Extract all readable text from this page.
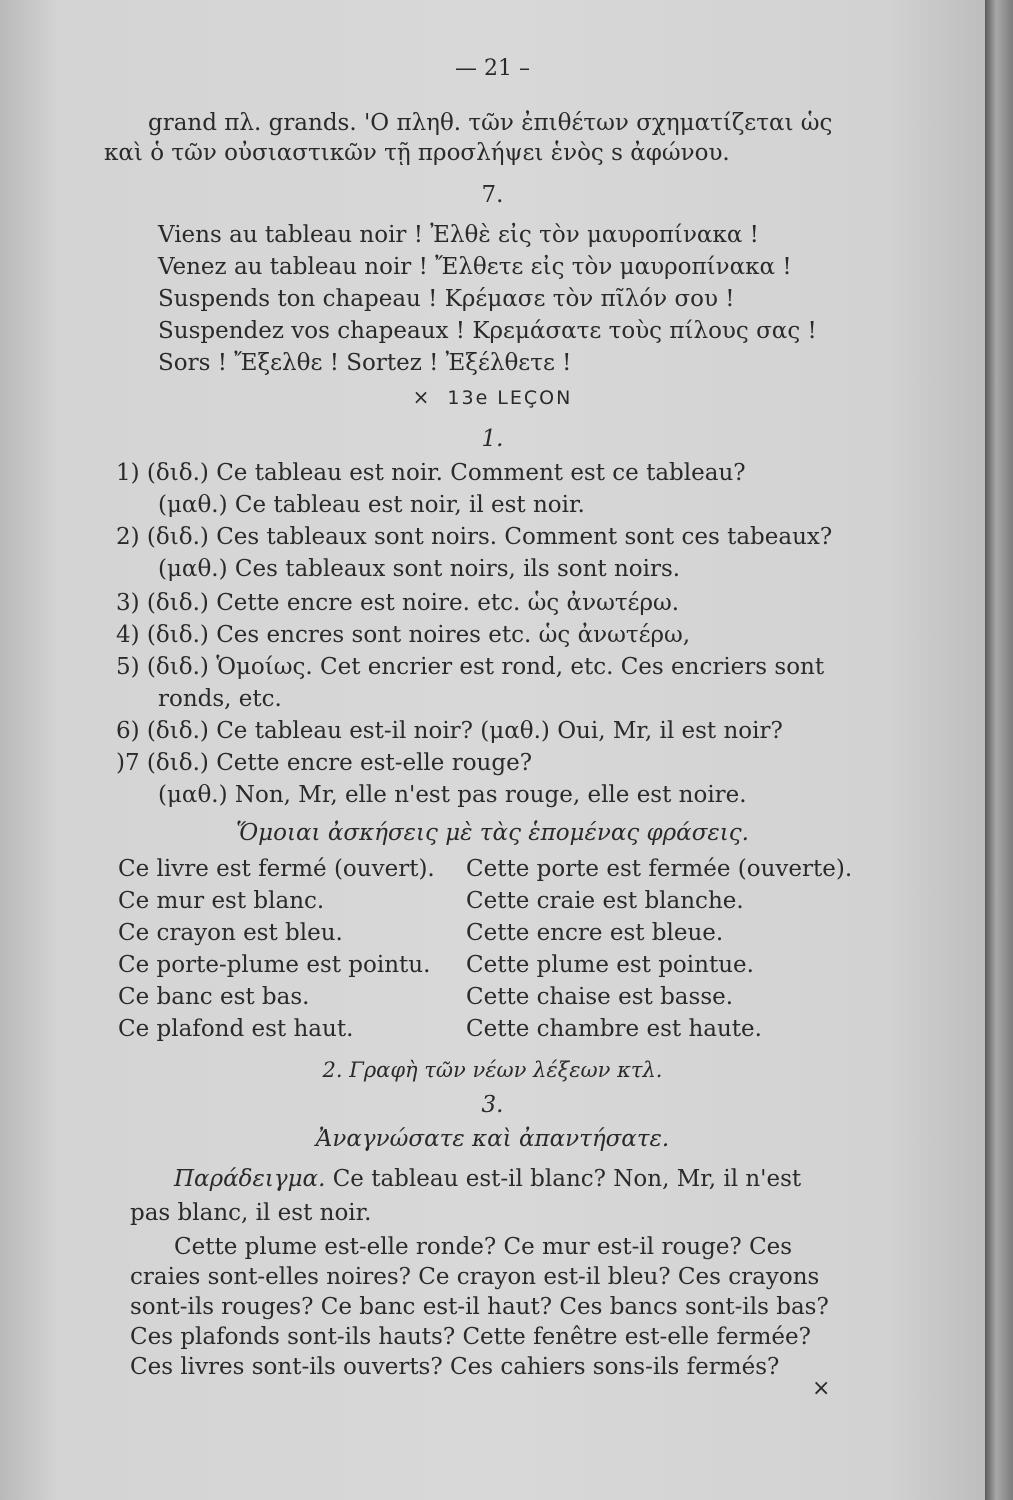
— 21 –
grand πλ. grands. 'O πληθ. τῶν ἐπιθέτων σχηματίζεται ὡς
καὶ ὁ τῶν οὐσιαστικῶν τῇ προσλήψει ἑνὸς s ἀφώνου.
7.
Viens au tableau noir ! Ἐλθὲ εἰς τὸν μαυροπίνακα !
Venez au tableau noir ! Ἔλθετε εἰς τὸν μαυροπίνακα !
Suspends ton chapeau ! Κρέμασε τὸν πῖλόν σου !
Suspendez vos chapeaux ! Κρεμάσατε τοὺς πίλους σας !
Sors ! Ἔξελθε ! Sortez ! Ἐξέλθετε !
× 13e LEÇON
1.
1) (διδ.) Ce tableau est noir. Comment est ce tableau?
(μαθ.) Ce tableau est noir, il est noir.
2) (διδ.) Ces tableaux sont noirs. Comment sont ces tabeaux?
(μαθ.) Ces tableaux sont noirs, ils sont noirs.
3) (διδ.) Cette encre est noire. etc. ὡς ἀνωτέρω.
4) (διδ.) Ces encres sont noires etc. ὡς ἀνωτέρω,
5) (διδ.) Ὁμοίως. Cet encrier est rond, etc. Ces encriers sont
ronds, etc.
6) (διδ.) Ce tableau est-il noir? (μαθ.) Oui, Mr, il est noir?
)7 (διδ.) Cette encre est-elle rouge?
(μαθ.) Non, Mr, elle n'est pas rouge, elle est noire.
Ὅμοιαι ἀσκήσεις μὲ τὰς ἑπομένας φράσεις.
Ce livre est fermé (ouvert).
Ce mur est blanc.
Ce crayon est bleu.
Ce porte-plume est pointu.
Ce banc est bas.
Ce plafond est haut.
Cette porte est fermée (ouverte).
Cette craie est blanche.
Cette encre est bleue.
Cette plume est pointue.
Cette chaise est basse.
Cette chambre est haute.
2. Γραφὴ τῶν νέων λέξεων κτλ.
3.
Ἀναγνώσατε καὶ ἀπαντήσατε.
Παράδειγμα. Ce tableau est-il blanc? Non, Mr, il n'est
pas blanc, il est noir.
Cette plume est-elle ronde? Ce mur est-il rouge? Ces
craies sont-elles noires? Ce crayon est-il bleu? Ces crayons
sont-ils rouges? Ce banc est-il haut? Ces bancs sont-ils bas?
Ces plafonds sont-ils hauts? Cette fenêtre est-elle fermée?
Ces livres sont-ils ouverts? Ces cahiers sons-ils fermés?
×
